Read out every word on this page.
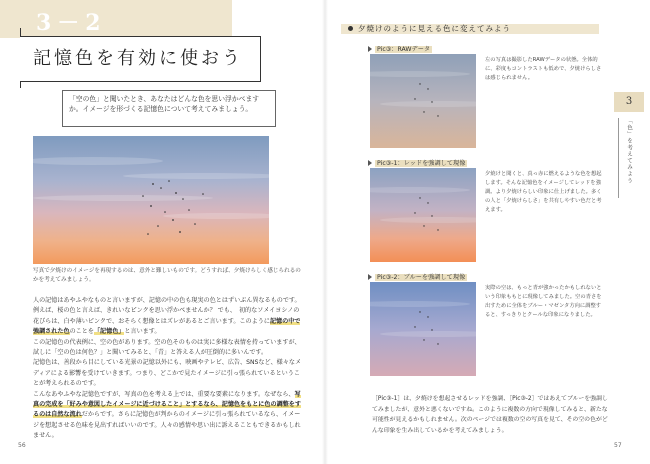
3－2
記憶色を有効に使おう

「空の色」と聞いたとき、あなたはどんな色を思い浮かべますか。イメージを形づくる記憶色について考えてみましょう。

写真で夕焼けのイメージを再現するのは、意外と難しいものです。どうすれば、夕焼けらしく感じられるのかを考えてみましょう。

人の記憶はあやふやなものと言いますが、記憶の中の色も現実の色とはずいぶん異なるものです。例えば、桜の色と言えば、きれいなピンクを思い浮かべませんか？ でも、　初的なソメイヨシノの花びらは、白や薄いピンクで、おそらく想像とはズレがあるとご言います。このように記憶の中で強調された色のことを「記憶色」と言います。

この記憶色の代表例に、空の色があります。空の色そのものは実に多様な表情を持っていますが、試しに「空の色は何色？」と聞いてみると、「青」と答える人が圧倒的に多いんです。

記憶色は、善段から目にしている光景の記憶以外にも、映画やテレビ、広告、SNSなど、様々なメディアによる影響を受けていきます。つまり、どこかで見たイメージに引っ張られているということが考えられるのです。

こんなあやふやな記憶色ですが、写真の色を考える上では、重要な要素になります。なぜなら、写真の完成を「好みや意図したイメージに近づけること」とするなら、記憶色をもとに色の調整をするのは自然な流れだからです。さらに記憶色が判からのイメージに引っ張られているなら、イメージを想起させる色味を見出すればいいのです。人々の感情や思い出に訴えることもできるかもしれません。

56
夕焼けのように見える色に変えてみよう
Pic③：RAWデータ

左の写真は撮影したRAWデータの状態。全体的に、彩度もコントラストも低めで、夕焼けらしさは感じられません。

Pic③-1：レッドを強調して現像

夕焼けと聞くと、真っ赤に燃えるような色を想起します。そんな記憶色をイメージしてレッドを強調。より夕焼けらしい印象に仕上げました。多くの人と「夕焼けらしさ」を共有しやすい色だと考えます。

Pic③-2：ブルーを強調して現像

実際の空は、もっと青が強かったかもしれないという印象ももとに現像してみました。空の青さを出すために全体をブルー・マゼンタ方向に調整すると、すっきりとクールな印象になりました。

［Pic③-1］は、夕焼けを想起させるレッドを強調、［Pic③-2］ではあえてブルーを強調してみましたが、意外と悪くないですね。このように複数の方向で現像してみると、新たな可能性が見えるかもしれません。次のページでは複数の空の写真を見て、その空の色がどんな印象を生み出しているかを考えてみましょう。

3
「色」を考えてみよう
57
